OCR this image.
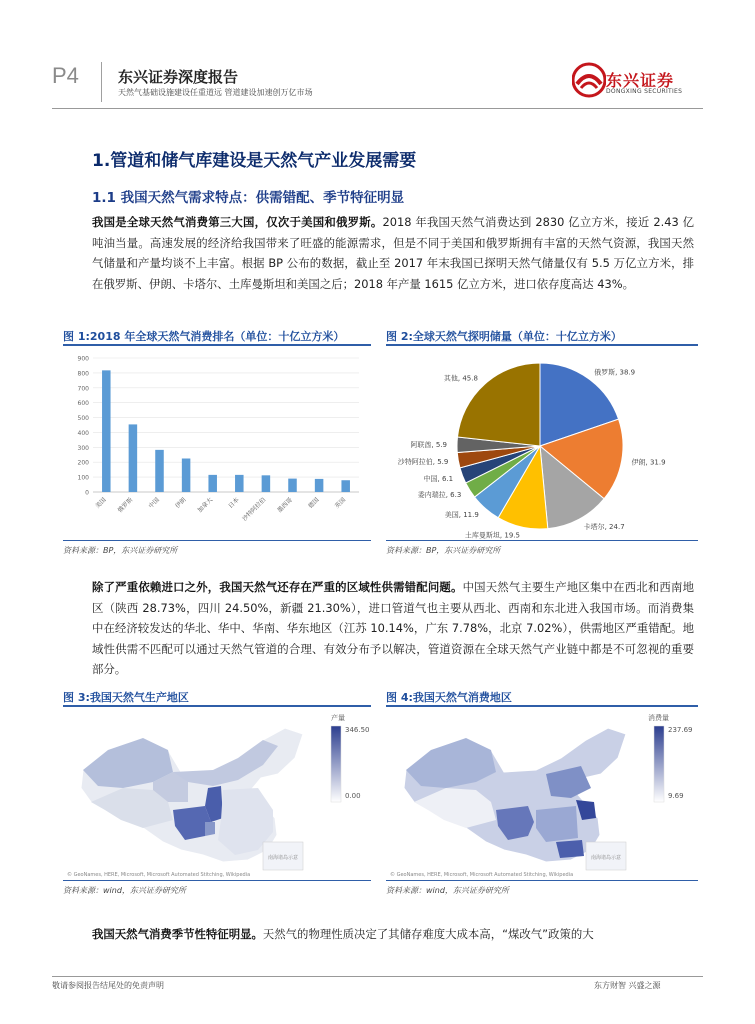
P4	东兴证券深度报告
天然气基础设施建设任重道远 管道建设加速创万亿市场
东兴证券
DONGXING SECURITIES
1.管道和储气库建设是天然气产业发展需要
1.1 我国天然气需求特点：供需错配、季节特征明显
我国是全球天然气消费第三大国，仅次于美国和俄罗斯。2018 年我国天然气消费达到 2830 亿立方米，接近 2.43 亿吨油当量。高速发展的经济给我国带来了旺盛的能源需求，但是不同于美国和俄罗斯拥有丰富的天然气资源，我国天然气储量和产量均谈不上丰富。根据 BP 公布的数据，截止至 2017 年末我国已探明天然气储量仅有 5.5 万亿立方米，排在俄罗斯、伊朗、卡塔尔、土库曼斯坦和美国之后；2018 年产量 1615 亿立方米，进口依存度高达 43%。
图 1:2018 年全球天然气消费排名（单位：十亿立方米）	图 2:全球天然气探明储量（单位：十亿立方米）
0
100
200
300
400
500
600
700
800
900
美国 俄罗斯 中国 伊朗 加拿大 日本 沙特阿拉伯 墨西哥 德国 英国
俄罗斯, 38.9
伊朗, 31.9
卡塔尔, 24.7
土库曼斯坦, 19.5
美国, 11.9
委内瑞拉, 6.3
中国, 6.1
沙特阿拉伯, 5.9
阿联酋, 5.9
其他, 45.8
资料来源：BP，东兴证券研究所	资料来源：BP，东兴证券研究所
除了严重依赖进口之外，我国天然气还存在严重的区域性供需错配问题。中国天然气主要生产地区集中在西北和西南地区（陕西 28.73%，四川 24.50%，新疆 21.30%），进口管道气也主要从西北、西南和东北进入我国市场。而消费集中在经济较发达的华北、华中、华南、华东地区（江苏 10.14%，广东 7.78%，北京 7.02%），供需地区严重错配。地域性供需不匹配可以通过天然气管道的合理、有效分布予以解决，管道资源在全球天然气产业链中都是不可忽视的重要部分。
图 3:我国天然气生产地区	图 4:我国天然气消费地区
南海诸岛示意
产量
346.50
0.00
© GeoNames, HERE, Microsoft, Microsoft Automated Stitching, Wikipedia
南海诸岛示意
消费量
237.69
9.69
© GeoNames, HERE, Microsoft, Microsoft Automated Stitching, Wikipedia
资料来源：wind，东兴证券研究所	资料来源：wind，东兴证券研究所
我国天然气消费季节性特征明显。天然气的物理性质决定了其储存难度大成本高，“煤改气”政策的大
敬请参阅报告结尾处的免责声明	东方财智 兴盛之源
